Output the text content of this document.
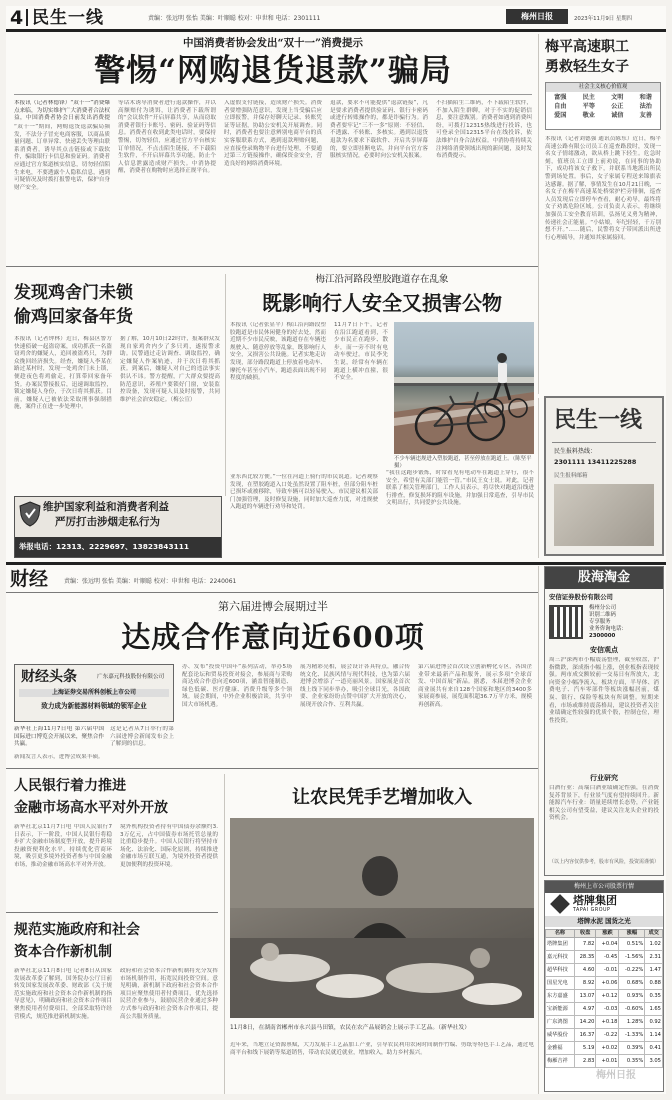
4 民生一线	责编：张远明 张怡 美编：叶顺聪 校对：申世和 电话：2301111	梅州日报	2023年11月9日 星期四
中国消费者协会发出“双十一”消费提示
警惕“网购退货退款”骗局
本报讯（记者林德锋）“双十一”消费爆点来临，为切实维护广大消费者合法权益，中国消费者协会日前发出消费提
“双十一”期间，网购退货退款骗局频发，不法分子冒充电商客服，以商品质量问题、订单异常、快递丢失等理由联系消费者，诱导其点击链接或下载软件，骗取银行卡信息和验证码。消费者应通过官方渠道核实信息，切勿轻信陌生来电，不要透露个人隐私信息，遇到可疑情况及时拨打报警电话，保护自身财产安全。
等话术诱导消费者进行退款操作，并以高额赔付为诱饵，让消费者下载所谓的“会议软件”开启屏幕共享，从而窃取消费者银行卡账号、密码、验证码等信息。消费者在收到此类电话时，要保持警惕，切勿轻信，应通过官方平台核实订单情况，不点击陌生链接，不下载陌生软件，不开启屏幕共享功能，防止个人信息泄露造成财产损失。中消协提醒，消费者在购物时应选择正规平台。
入虚假支付链接，造成财产损失。消费者要增强防范意识，发现上当受骗后应立即报警，并保存好聊天记录、转账凭证等证据，协助公安机关开展调查。同时，消费者也要注意辨别电商平台的真实客服联系方式，遇到退款理赔问题，应直接登录购物平台进行处理，不要通过第三方链接操作，确保资金安全，营造良好的网络消费环境。
退款，要求不可能提供“退款链接”，凡是要求消费者提供验证码、银行卡密码或进行转账操作的，都是诈骗行为。消费者要牢记“三不一多”原则：不轻信、不透露、不转账、多核实。遇到以退货退款为名要求下载软件、开启共享屏幕的，要立即挂断电话，并向平台官方客服核实情况，必要时向公安机关报案。
不扫描陌生二维码，不下载陌生软件，不加入陌生群聊，对于不实的促销信息，要注意甄别。消费者如遇到消费纠纷，可拨打12315热线进行投诉，也可登录全国12315平台在线投诉，依法维护自身合法权益。中消协将持续关注网络消费领域出现的新问题，及时发布消费提示。
梅平高速职工
勇救轻生女子
社会主义核心价值观
富强	民主	文明	和谐
自由	平等	公正	法治
爱国	敬业	诚信	友善
本报讯（记者刘德强 通讯员陈东）近日，梅平高速公路有限公司员工在巡查路段时，发现一名女子情绪激动，欲从桥上跳下轻生。危急时刻，值班员工立即上前劝说，在同事的协助下，成功将该女子救下，并联系当地派出所民警到场处置。事后，女子家属专程送来锦旗表达感谢。据了解，事情发生在10月21日晚，一名女子在梅平高速某处桥梁护栏旁徘徊，巡查人员发现后立即停车查看，耐心劝导，最终将女子劝离危险区域。公司负责人表示，将继续加强员工安全教育培训，弘扬见义勇为精神，传递社会正能量。“小姑娘，年纪轻轻，千万别想不开。”……随后，民警将女子带回派出所进行心理疏导，并通知其家属接回。
发现鸡舍门未锁
偷鸡回家备年货
本报讯（记者钟林）近日，梅县区警方快速侦破一起盗窃案，成功抓获一名盗窃鸡舍的嫌疑人，追回被盗鸡只，为群众挽回经济损失。经查，嫌疑人李某在路过某村时，发现一处鸡舍门未上锁，便趁夜色将鸡偷走，打算带回家备年货。办案民警接报后，迅速调取监控，锁定嫌疑人身份，于次日将其抓获。目前，嫌疑人已被依法采取刑事强制措施，案件正在进一步处理中。
据了解，10月10日22时许，报案群众发现自家鸡舍内少了多只鸡，遂报警求助。民警通过走访调查、调取监控，确定嫌疑人作案轨迹，并于次日将其抓获。到案后，嫌疑人对自己的违法事实供认不讳。警方提醒，广大群众要提高防范意识，养殖户要锁好门窗，安装监控设备，发现可疑人员及时报警，共同维护社会治安稳定。（梅公宣）
梅江沿河路段塑胶跑道存在乱象
既影响行人安全又损害公物
本报讯（记者张显平）梅江沿河路段塑胶跑道是市民休闲健身的好去处，然而近期不少市民反映，该跑道存在车辆违规驶入、随意停放等乱象，既影响行人安全，又损害公共设施。记者实地走访发现，部分路段跑道上停放着电动车、摩托车甚至小汽车，跑道表面出现不同程度的破损。
11月7日下午，记者在沿江跑道看到，不少市民正在跑步、散步，而一旁不时有电动车驶过。市民李先生说，经常有车辆在跑道上横冲直撞，很不安全。
不少车辆违规进入塑胶跑道，甚至停放在跑道上。（陈坚平 摄）
业东西比较方便。”一位在河道上骑行的市民说道。记者观察发现，在塑胶跑道入口处虽然设置了阻车桩，但部分阻车桩已损坏或被移除，导致车辆可以轻易驶入。市民建议相关部门加强管理，及时修复设施，同时加大巡查力度，对违规驶入跑道的车辆进行劝导和处罚。
“我在这跑步锻炼，时常看见有电动车在跑道上穿行，很不安全，希望有关部门能管一管。”市民王女士说。对此，记者联系了相关管理部门，工作人员表示，将尽快对跑道沿线进行排查，修复损坏的阻车设施，并加强日常巡查，引导市民文明出行，共同爱护公共设施。
维护国家利益和消费者利益
严厉打击涉烟走私行为
举报电话：12313、2229697、13823843111
民生一线
民生报料热线：
2301111 13411225288
民生报料邮箱
财经	责编：张远明 张怡 美编：叶顺聪 校对：申世和 电话：2240061
第六届进博会展期过半
达成合作意向近600项
财经头条	广东嘉元科技股份有限公司
上海证券交易所科创板上市公司
致力成为新能源材料领域的领军企业
新华社上海11月7日电 第六届中国国际进口博览会开展以来，聚焦合作共赢。
新闻发言人表示，进博会成果丰硕。
这是记者从7日举行的第六届进博会新闻发布会上了解到的信息。
办、发布“投资中国年”系列活动，举办5场配套论坛和贸易投资对接会，参展商与采购商达成合作意向近600项，涵盖智能制造、绿色低碳、医疗健康、消费升级等多个领域。展会期间，中外企业积极洽谈，共享中国大市场机遇。
展为精彩亮相，展会设计各具特点，融合传统文化、民族风情与现代科技，也为第六届进博会增添了一道亮丽风景。国家展是首次线上线下同步举办，吸引全球目光，各国政要、企业家纷纷点赞中国扩大开放的决心，展现开放合作、互利共赢。
第六届进博会首次设立创新孵化专区，各国企业带来最新产品和服务，展示多项“全球首发、中国首展”新品。据悉，本届进博会企业商业展共有来自128个国家和地区的3400多家展商参展，展览面积超36.7万平方米，规模再创新高。
人民银行着力推进
金融市场高水平对外开放
新华社北京11月7日电 中国人民银行7日表示，下一阶段，中国人民银行将稳步扩大金融市场制度型开放，提升跨境投融资便利化水平，持续优化营商环境，吸引更多境外投资者参与中国金融市场，推动金融市场高水平对外开放。
境外机构投资者持有中国债券余额约3.3万亿元，占中国债券市场托管总量的比重稳步提升。中国人民银行将坚持市场化、法治化、国际化原则，持续推进金融市场互联互通，为境外投资者提供更加便利的投资环境。
规范实施政府和社会
资本合作新机制
新华社北京11月8日电 记者8日从国家发展改革委了解到，国务院办公厅日前转发国家发展改革委、财政部《关于规范实施政府和社会资本合作新机制的指导意见》，明确政府和社会资本合作项目聚焦使用者付费项目，全部采取特许经营模式，规范推进新机制实施。
政府和社会资本合作新机制将充分发挥市场机制作用，拓宽民间投资空间。意见明确，新机制下政府和社会资本合作项目应聚焦使用者付费项目，优先选择民营企业参与，鼓励民营企业通过多种方式参与政府和社会资本合作项目，提高公共服务质量。
让农民凭手艺增加收入
11月8日，在湖南省郴州市永兴县马田镇，农民在农产品展销会上展示手工艺品。（新华社发）
近年来，当地立足资源禀赋，大力发展手工艺品加工产业，引导农民利用农闲时间制作竹编、剪纸等特色手工艺品，通过电商平台和线下展销等渠道销售，带动农民就近就业，增加收入，助力乡村振兴。
股海淘金
安信证券股份有限公司
梅州分公司
识别二维码
专享服务
业务咨询电话：
2300000
安信观点
周三沪深两市小幅震荡整理，截至收盘，沪指微跌，深成指小幅上涨，创业板指表现较强。两市成交额较前一交易日有所放大，北向资金小幅净流入。板块方面，半导体、消费电子、汽车零部件等板块涨幅居前，煤炭、银行、保险等板块有所调整。短期来看，市场或维持震荡格局，建议投资者关注业绩确定性较强的优质个股，控制仓位，理性投资。
行业研究
白酒行业：高端白酒业绩确定性强，在消费复苏背景下，行业景气度有望持续回升。新能源汽车行业：销量延续增长态势，产业链相关公司有望受益，建议关注龙头企业的投资机会。
（以上内容仅供参考，股市有风险，投资需谨慎）
梅州上市公司股票行情
塔牌集团
TAPAI GROUP
塔牌水泥 国货之光
名称	收盘	涨跌	涨幅	成交
塔牌集团	7.82	+0.04	0.51%	1.02
嘉元科技	28.35	-0.45	-1.56%	2.31
超华科技	4.60	-0.01	-0.22%	1.47
国星光电	8.92	+0.06	0.68%	0.88
东方嘉盛	13.07	+0.12	0.93%	0.35
宝新能源	4.97	-0.03	-0.60%	1.65
广东鸿图	14.20	+0.18	1.28%	0.92
威华股份	16.37	-0.22	-1.33%	1.14
金雅福	5.19	+0.02	0.39%	0.41
梅雁吉祥	2.83	+0.01	0.35%	3.05
梅州日报
